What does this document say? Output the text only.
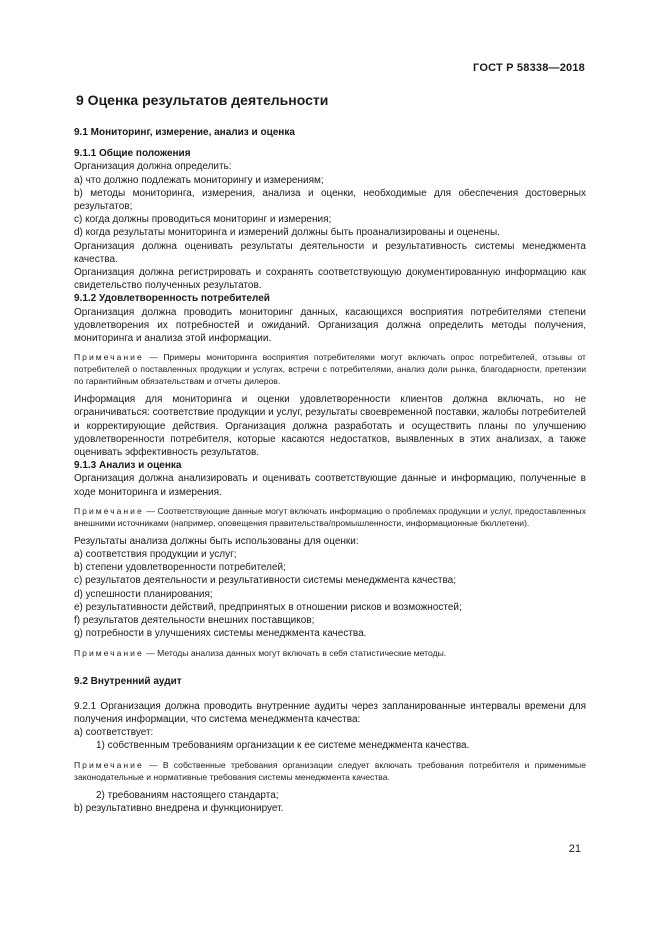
ГОСТ Р 58338—2018
9 Оценка результатов деятельности
9.1 Мониторинг, измерение, анализ и оценка
9.1.1 Общие положения

Организация должна определить:

a) что должно подлежать мониторингу и измерениям;

b) методы мониторинга, измерения, анализа и оценки, необходимые для обеспечения достоверных результатов;

c) когда должны проводиться мониторинг и измерения;

d) когда результаты мониторинга и измерений должны быть проанализированы и оценены.

Организация должна оценивать результаты деятельности и результативность системы менеджмента качества.

Организация должна регистрировать и сохранять соответствующую документированную информацию как свидетельство полученных результатов.

9.1.2 Удовлетворенность потребителей

Организация должна проводить мониторинг данных, касающихся восприятия потребителями степени удовлетворения их потребностей и ожиданий. Организация должна определить методы получения, мониторинга и анализа этой информации.

Примечание — Примеры мониторинга восприятия потребителями могут включать опрос потребителей, отзывы от потребителей о поставленных продукции и услугах, встречи с потребителями, анализ доли рынка, благодарности, претензии по гарантийным обязательствам и отчеты дилеров.

Информация для мониторинга и оценки удовлетворенности клиентов должна включать, но не ограничиваться: соответствие продукции и услуг, результаты своевременной поставки, жалобы потребителей и корректирующие действия. Организация должна разработать и осуществить планы по улучшению удовлетворенности потребителя, которые касаются недостатков, выявленных в этих анализах, а также оценивать эффективность результатов.

9.1.3 Анализ и оценка

Организация должна анализировать и оценивать соответствующие данные и информацию, полученные в ходе мониторинга и измерения.

Примечание — Соответствующие данные могут включать информацию о проблемах продукции и услуг, предоставленных внешними источниками (например, оповещения правительства/промышленности, информационные бюллетени).

Результаты анализа должны быть использованы для оценки:

a) соответствия продукции и услуг;

b) степени удовлетворенности потребителей;

c) результатов деятельности и результативности системы менеджмента качества;

d) успешности планирования;

e) результативности действий, предпринятых в отношении рисков и возможностей;

f) результатов деятельности внешних поставщиков;

g) потребности в улучшениях системы менеджмента качества.

Примечание — Методы анализа данных могут включать в себя статистические методы.

9.2 Внутренний аудит

9.2.1 Организация должна проводить внутренние аудиты через запланированные интервалы времени для получения информации, что система менеджмента качества:

a) соответствует:

1) собственным требованиям организации к ее системе менеджмента качества.

Примечание — В собственные требования организации следует включать требования потребителя и применимые законодательные и нормативные требования системы менеджмента качества.

2) требованиям настоящего стандарта;

b) результативно внедрена и функционирует.

21
